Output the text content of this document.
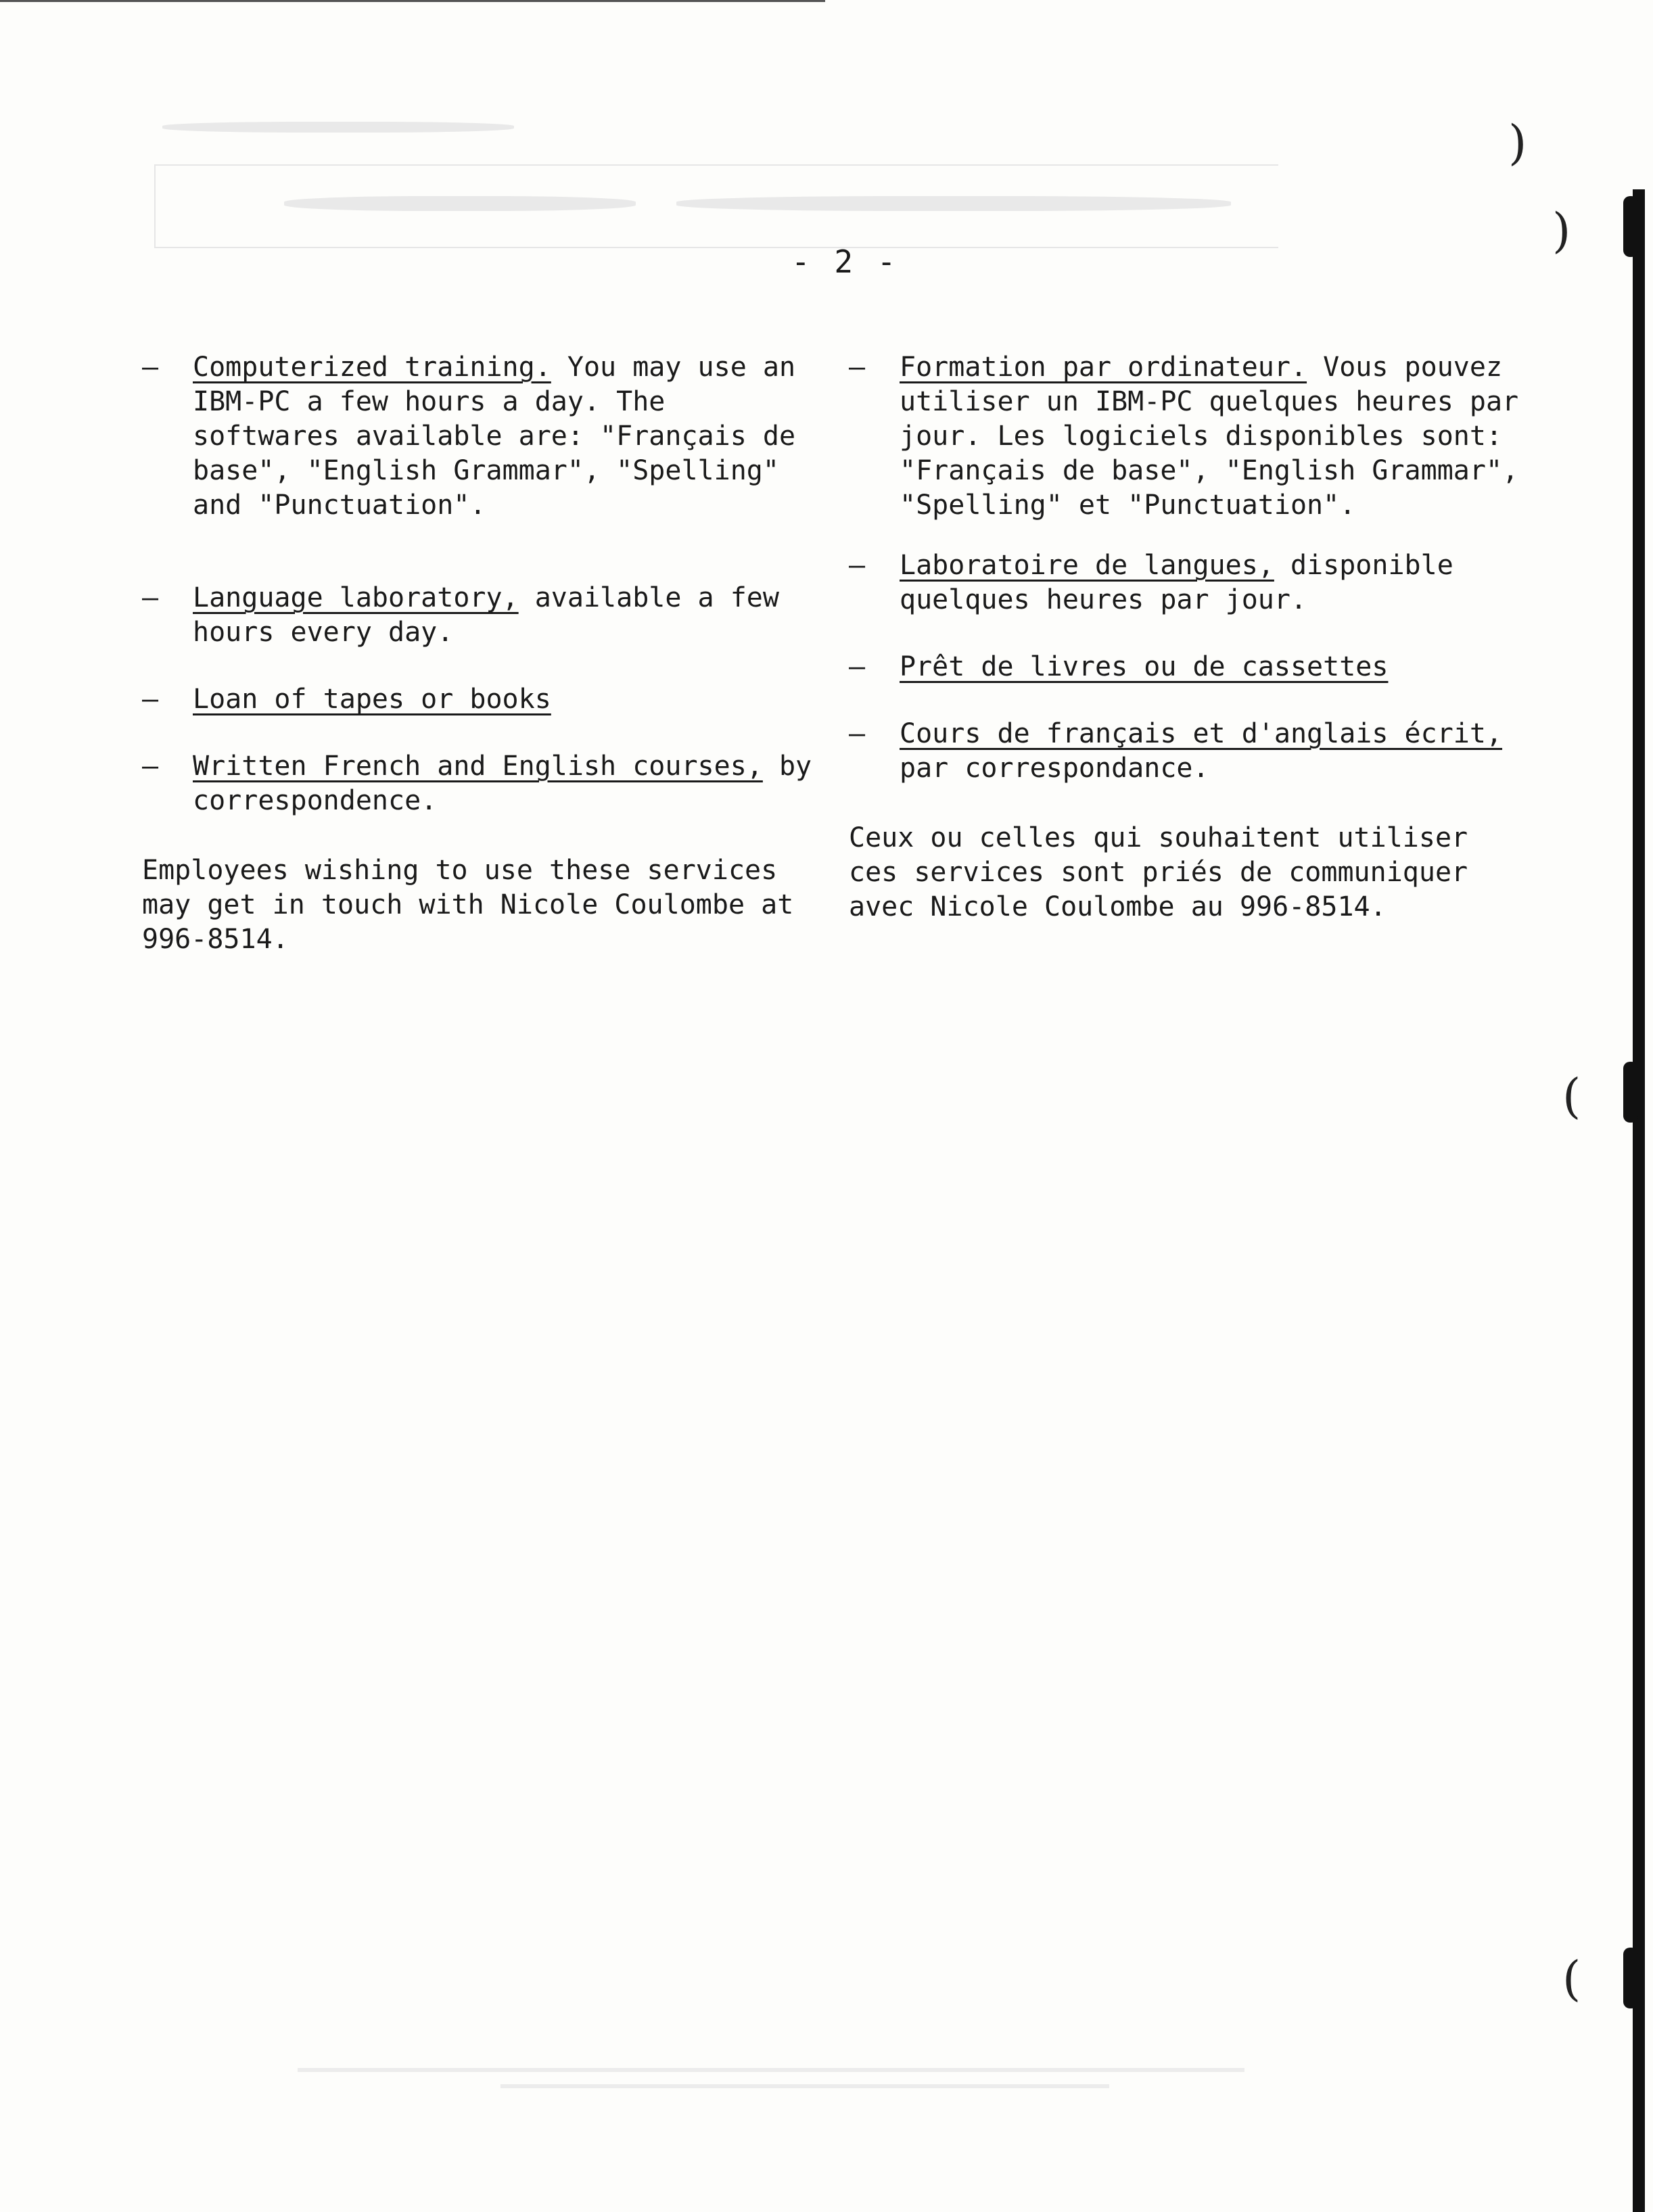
- 2 -
– Computerized training. You may use an IBM-PC a few hours a day. The softwares available are: "Français de base", "English Grammar", "Spelling" and "Punctuation".
– Language laboratory, available a few hours every day.
– Loan of tapes or books
– Written French and English courses, by correspondence.
Employees wishing to use these services may get in touch with Nicole Coulombe at 996-8514.
– Formation par ordinateur. Vous pouvez utiliser un IBM-PC quelques heures par jour. Les logiciels disponibles sont: "Français de base", "English Grammar", "Spelling" et "Punctuation".
– Laboratoire de langues, disponible quelques heures par jour.
– Prêt de livres ou de cassettes
– Cours de français et d'anglais écrit, par correspondance.
Ceux ou celles qui souhaitent utiliser ces services sont priés de communiquer avec Nicole Coulombe au 996-8514.
)
)
(
(
